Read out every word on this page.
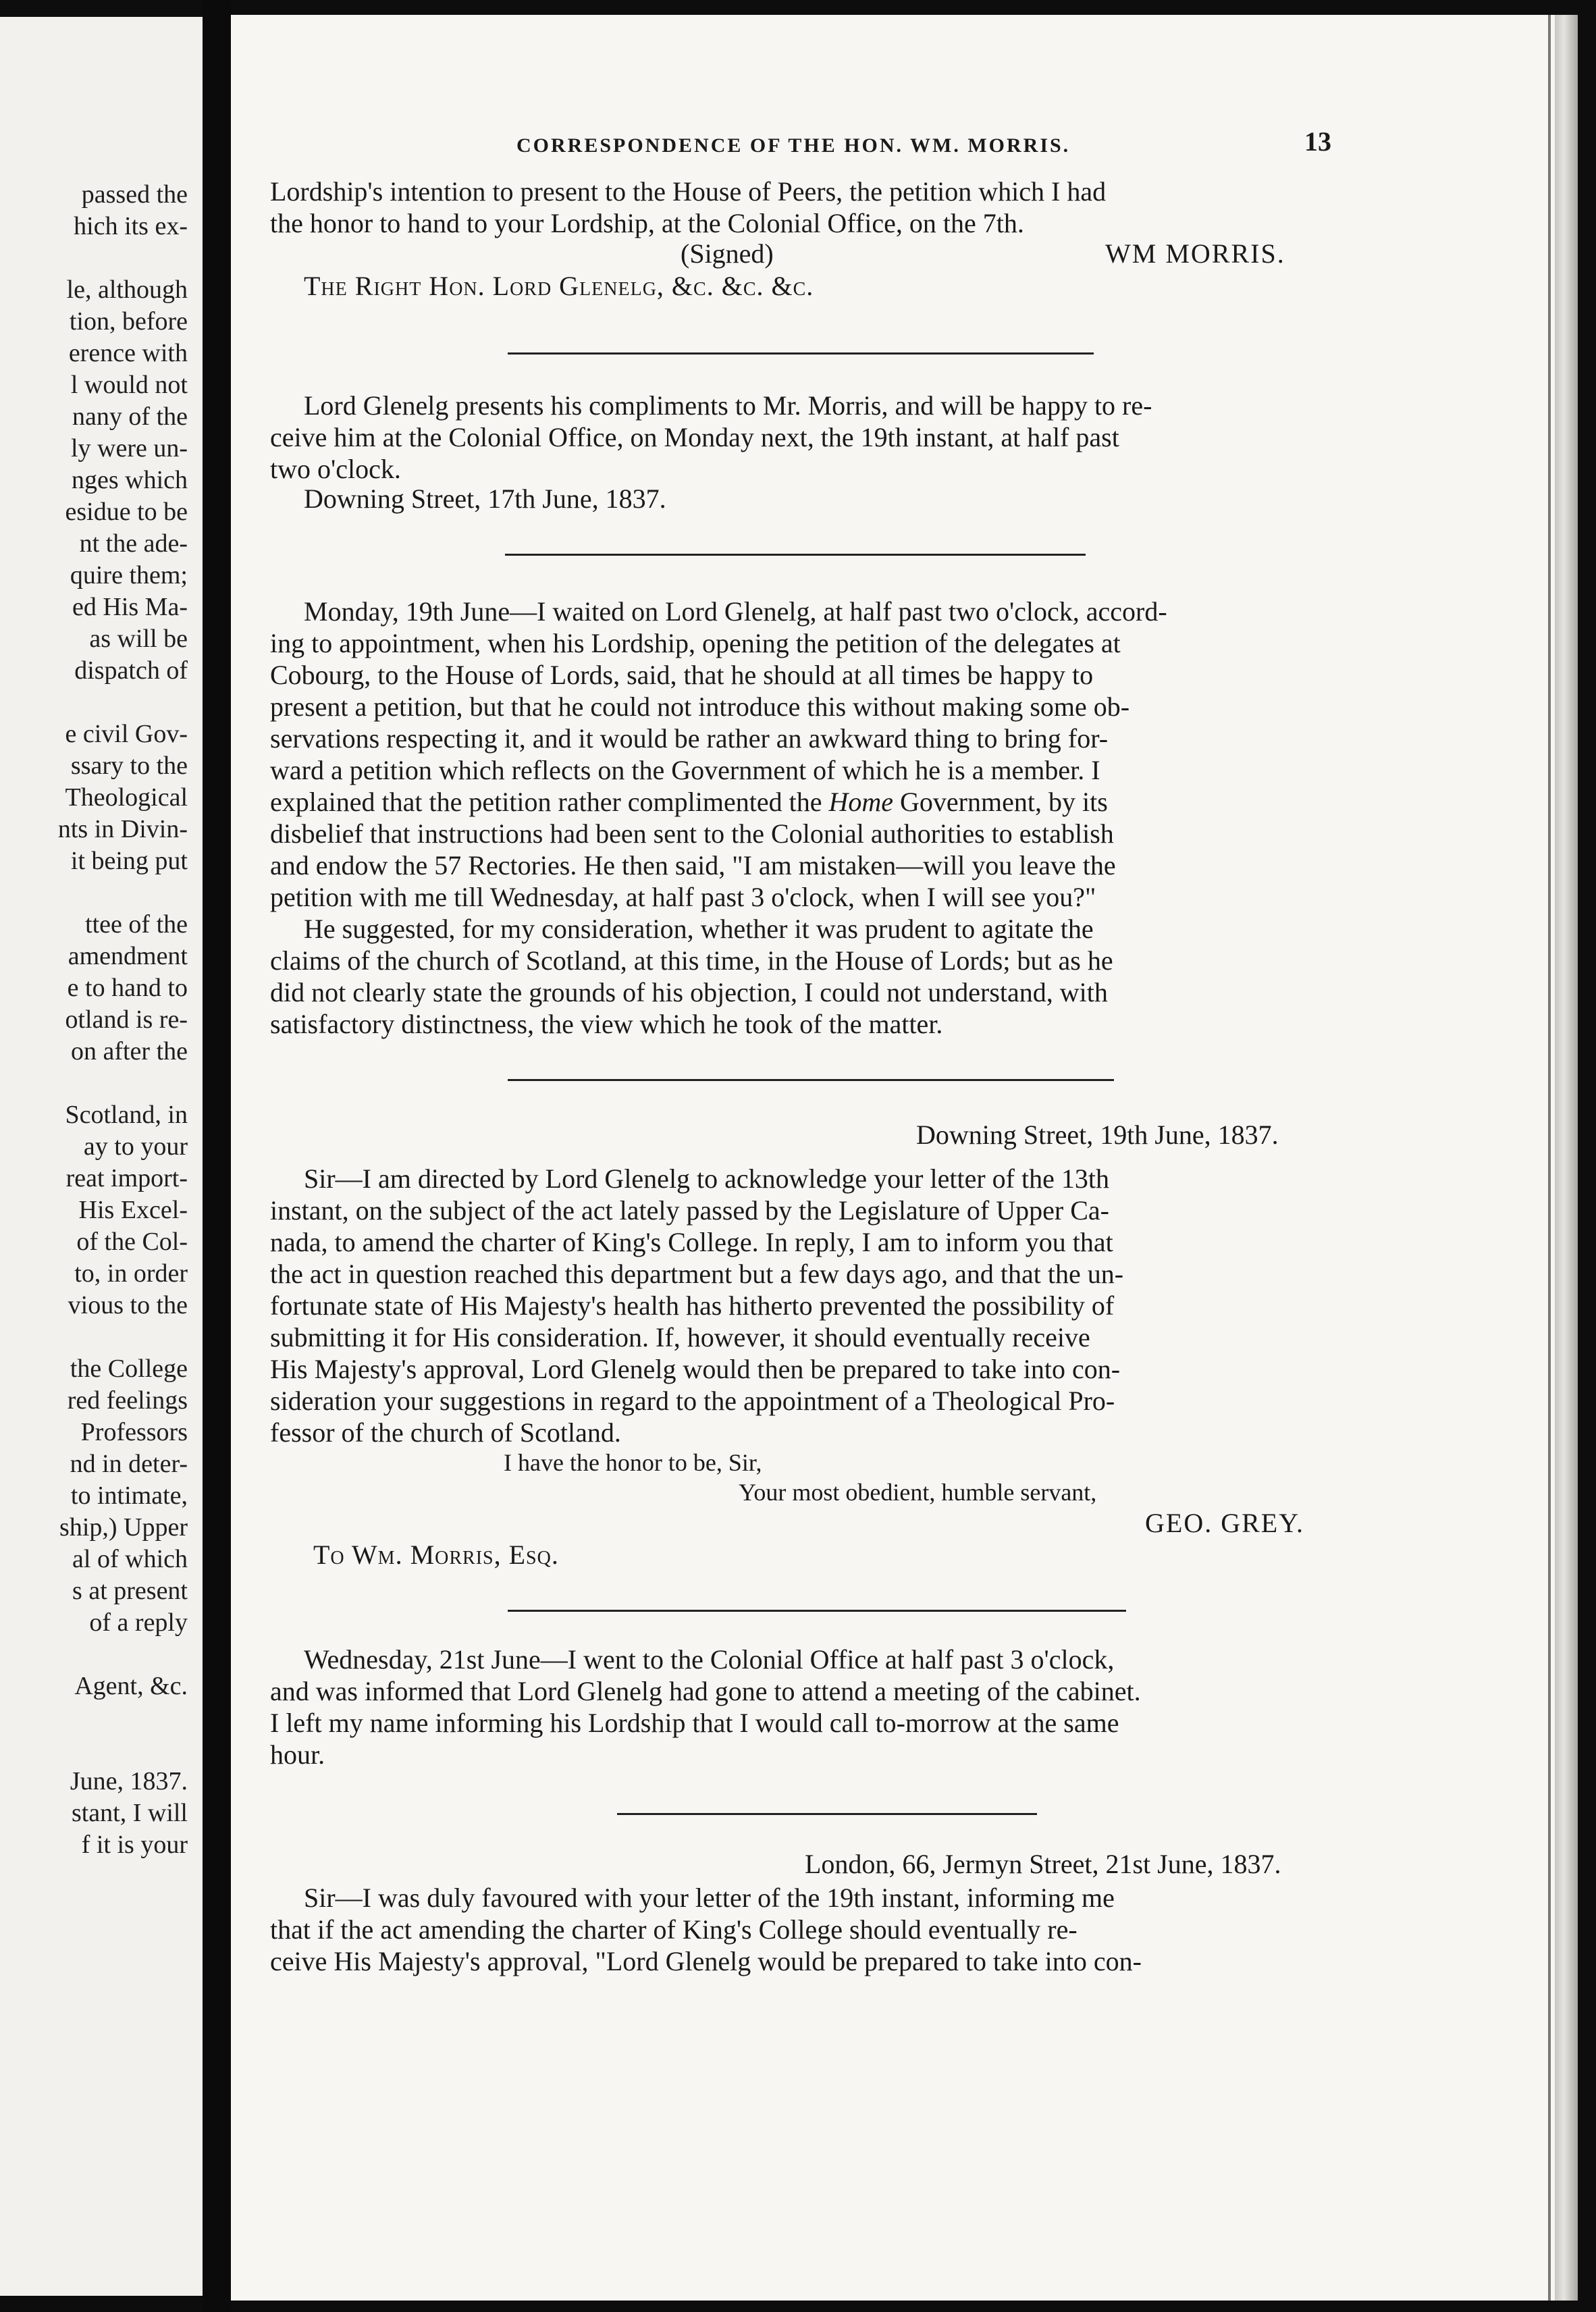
passed the
hich its ex-
le, although
tion, before
erence with
l would not
nany of the
ly were un-
nges which
esidue to be
nt the ade-
quire them;
ed His Ma-
as will be
dispatch of
e civil Gov-
ssary to the
Theological
nts in Divin-
it being put
ttee of the
amendment
e to hand to
otland is re-
on after the
Scotland, in
ay to your
reat import-
His Excel-
of the Col-
to, in order
vious to the
the College
red feelings
Professors
nd in deter-
to intimate,
ship,) Upper
al of which
s at present
of a reply
Agent, &c.
June, 1837.
stant, I will
f it is your
CORRESPONDENCE OF THE HON. WM. MORRIS.	13
Lordship's intention to present to the House of Peers, the petition which I had
the honor to hand to your Lordship, at the Colonial Office, on the 7th.
(Signed)	WM MORRIS.
The Right Hon. Lord Glenelg, &c. &c. &c.
Lord Glenelg presents his compliments to Mr. Morris, and will be happy to re-
ceive him at the Colonial Office, on Monday next, the 19th instant, at half past
two o'clock.
Downing Street, 17th June, 1837.
Monday, 19th June—I waited on Lord Glenelg, at half past two o'clock, accord-
ing to appointment, when his Lordship, opening the petition of the delegates at
Cobourg, to the House of Lords, said, that he should at all times be happy to
present a petition, but that he could not introduce this without making some ob-
servations respecting it, and it would be rather an awkward thing to bring for-
ward a petition which reflects on the Government of which he is a member. I
explained that the petition rather complimented the Home Government, by its
disbelief that instructions had been sent to the Colonial authorities to establish
and endow the 57 Rectories. He then said, "I am mistaken—will you leave the
petition with me till Wednesday, at half past 3 o'clock, when I will see you?"
He suggested, for my consideration, whether it was prudent to agitate the
claims of the church of Scotland, at this time, in the House of Lords; but as he
did not clearly state the grounds of his objection, I could not understand, with
satisfactory distinctness, the view which he took of the matter.
Downing Street, 19th June, 1837.
Sir—I am directed by Lord Glenelg to acknowledge your letter of the 13th
instant, on the subject of the act lately passed by the Legislature of Upper Ca-
nada, to amend the charter of King's College. In reply, I am to inform you that
the act in question reached this department but a few days ago, and that the un-
fortunate state of His Majesty's health has hitherto prevented the possibility of
submitting it for His consideration. If, however, it should eventually receive
His Majesty's approval, Lord Glenelg would then be prepared to take into con-
sideration your suggestions in regard to the appointment of a Theological Pro-
fessor of the church of Scotland.
I have the honor to be, Sir,
Your most obedient, humble servant,
GEO. GREY.
To Wm. Morris, Esq.
Wednesday, 21st June—I went to the Colonial Office at half past 3 o'clock,
and was informed that Lord Glenelg had gone to attend a meeting of the cabinet.
I left my name informing his Lordship that I would call to-morrow at the same
hour.
London, 66, Jermyn Street, 21st June, 1837.
Sir—I was duly favoured with your letter of the 19th instant, informing me
that if the act amending the charter of King's College should eventually re-
ceive His Majesty's approval, "Lord Glenelg would be prepared to take into con-
